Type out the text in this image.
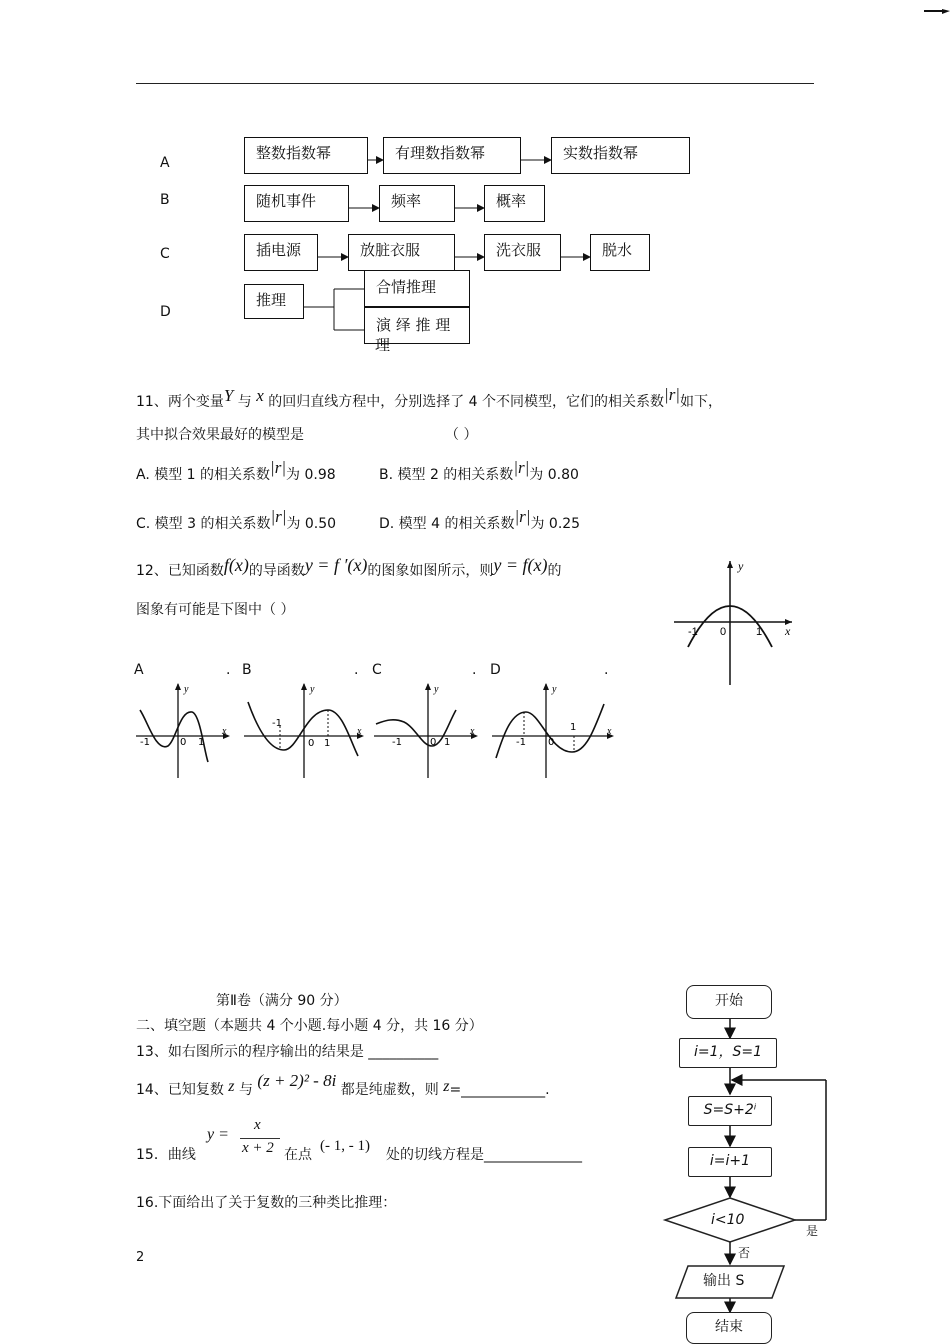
A
B
C
D
整数指数幂	有理数指数幂	实数指数幂
随机事件	频率	概率
插电源	放脏衣服	洗衣服	脱水
推理
合情推理
演 绎 推 理
理
11、两个变量Y 与 x 的回归直线方程中，分别选择了 4 个不同模型，它们的相关系数|r|如下，
其中拟合效果最好的模型是	（ ）
A. 模型 1 的相关系数|r|为 0.98	B. 模型 2 的相关系数|r|为 0.80
C. 模型 3 的相关系数|r|为 0.50	D. 模型 4 的相关系数|r|为 0.25
12、已知函数f(x)的导函数y = f ′(x)的图象如图所示，则y = f(x)的
图象有可能是下图中（ ）
y
x
-1 0	1
A	. B	. C	. D	.
y
x
-1	0 1
y
x
-1
0 1
y
x
-1	0 1
y
x
-1 0
1
第Ⅱ卷（满分 90 分）
二、填空题（本题共 4 个小题.每小题 4 分，共 16 分）
13、如右图所示的程序输出的结果是 __________
14、已知复数 z 与 (z + 2)² - 8i 都是纯虚数，则 z=____________.
15．曲线
y =
x
x + 2 在点
(- 1, - 1)
处的切线方程是______________
16.下面给出了关于复数的三种类比推理：
2
开始
i=1，S=1
S=S+2ⁱ
i=i+1
i<10
是
否
输出 S
结束
